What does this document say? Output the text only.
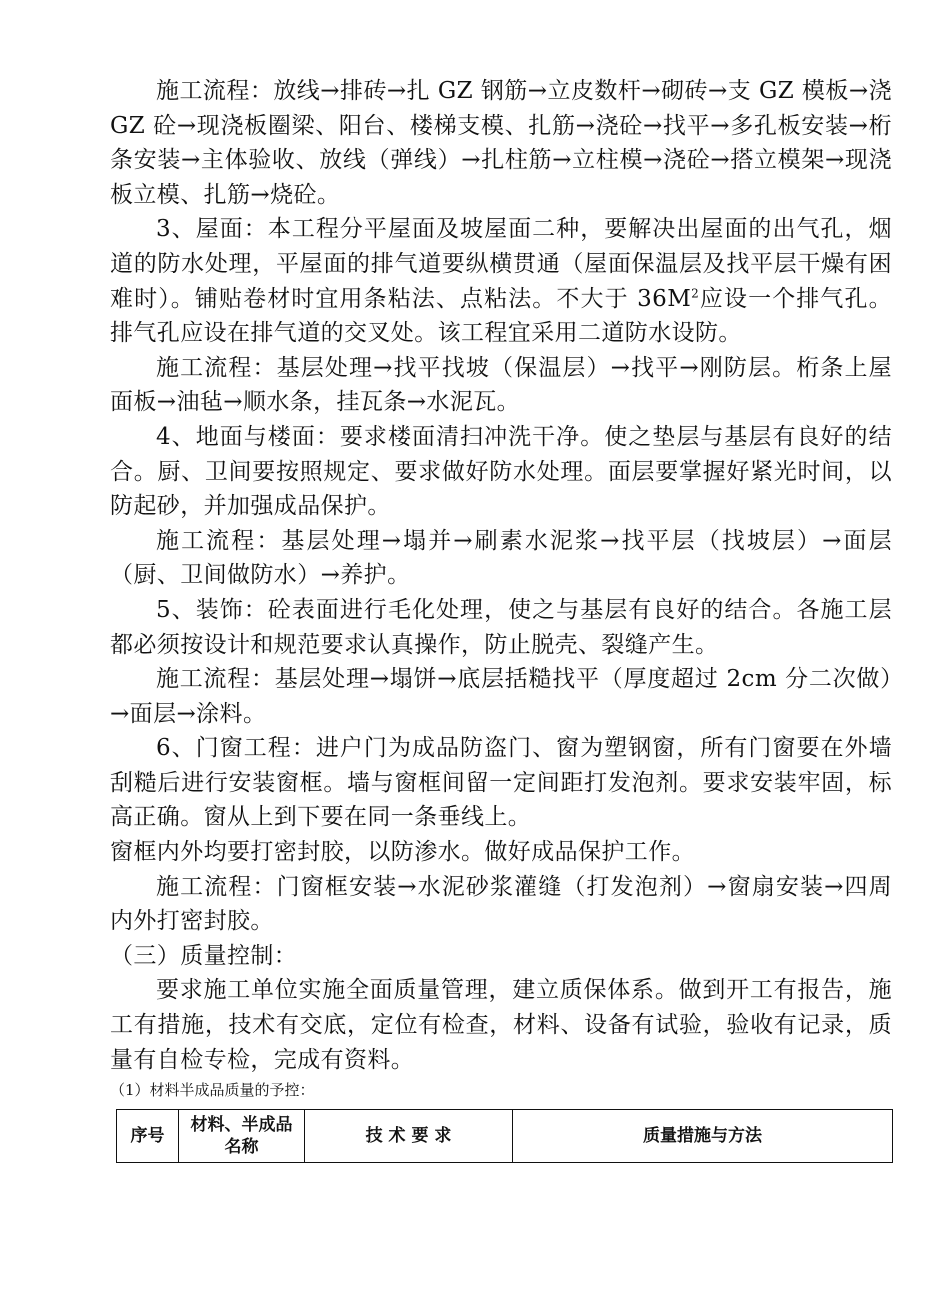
施工流程：放线→排砖→扎 GZ 钢筋→立皮数杆→砌砖→支 GZ 模板→浇 GZ 砼→现浇板圈梁、阳台、楼梯支模、扎筋→浇砼→找平→多孔板安装→桁条安装→主体验收、放线（弹线）→扎柱筋→立柱模→浇砼→搭立模架→现浇板立模、扎筋→烧砼。

3、屋面：本工程分平屋面及坡屋面二种，要解决出屋面的出气孔，烟道的防水处理，平屋面的排气道要纵横贯通（屋面保温层及找平层干燥有困难时）。铺贴卷材时宜用条粘法、点粘法。不大于 $36M^2$应设一个排气孔。排气孔应设在排气道的交叉处。该工程宜采用二道防水设防。

施工流程：基层处理→找平找坡（保温层）→找平→刚防层。桁条上屋面板→油毡→顺水条，挂瓦条→水泥瓦。

4、地面与楼面：要求楼面清扫冲洗干净。使之垫层与基层有良好的结合。厨、卫间要按照规定、要求做好防水处理。面层要掌握好紧光时间，以防起砂，并加强成品保护。

施工流程：基层处理→塌并→刷素水泥浆→找平层（找坡层）→面层（厨、卫间做防水）→养护。

5、装饰：砼表面进行毛化处理，使之与基层有良好的结合。各施工层都必须按设计和规范要求认真操作，防止脱壳、裂缝产生。

施工流程：基层处理→塌饼→底层括糙找平（厚度超过 2cm 分二次做）→面层→涂料。

6、门窗工程：进户门为成品防盗门、窗为塑钢窗，所有门窗要在外墙刮糙后进行安装窗框。墙与窗框间留一定间距打发泡剂。要求安装牢固，标高正确。窗从上到下要在同一条垂线上。

窗框内外均要打密封胶，以防渗水。做好成品保护工作。

施工流程：门窗框安装→水泥砂浆灌缝（打发泡剂）→窗扇安装→四周内外打密封胶。

（三）质量控制：

要求施工单位实施全面质量管理，建立质保体系。做到开工有报告，施工有措施，技术有交底，定位有检查，材料、设备有试验，验收有记录，质量有自检专检，完成有资料。

（1）材料半成品质量的予控：

序号	材料、半成品名称	技 术 要 求	质量措施与方法
